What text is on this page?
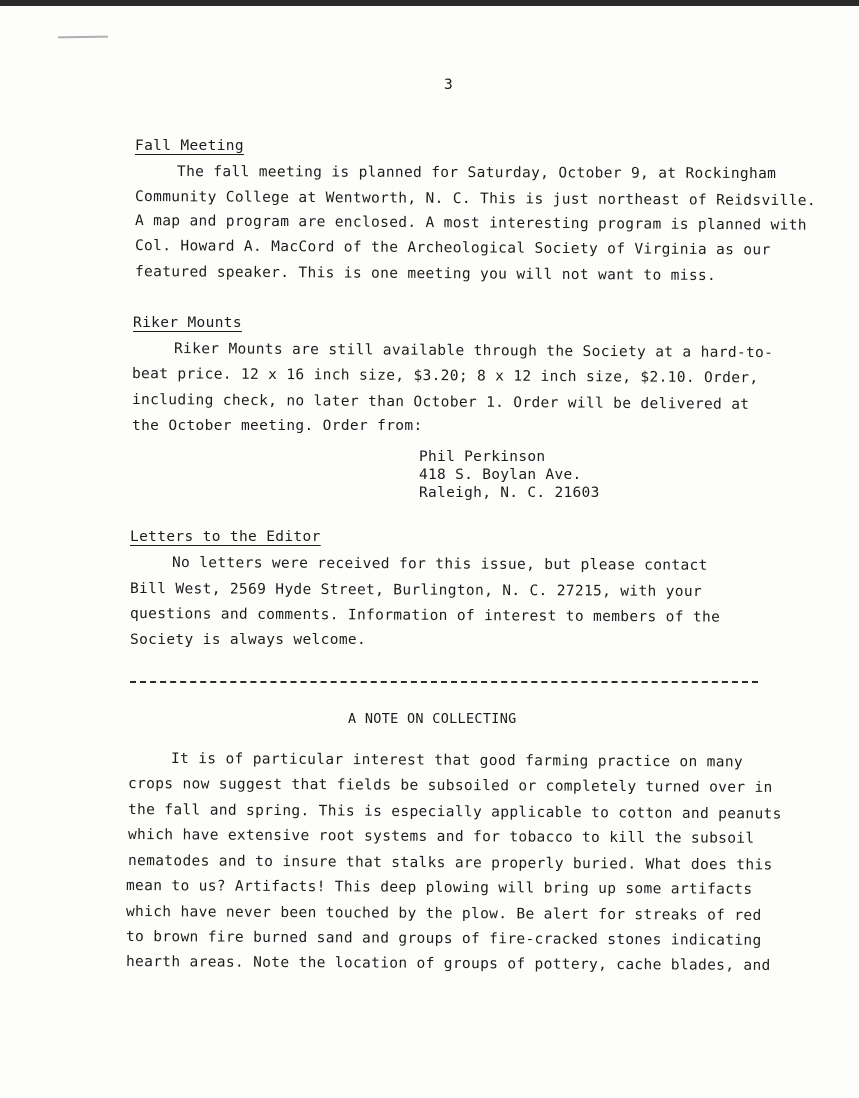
3
Fall Meeting
The fall meeting is planned for Saturday, October 9, at Rockingham
Community College at Wentworth, N. C. This is just northeast of Reidsville.
A map and program are enclosed. A most interesting program is planned with
Col. Howard A. MacCord of the Archeological Society of Virginia as our
featured speaker. This is one meeting you will not want to miss.
Riker Mounts
Riker Mounts are still available through the Society at a hard-to-
beat price. 12 x 16 inch size, $3.20; 8 x 12 inch size, $2.10. Order,
including check, no later than October 1. Order will be delivered at
the October meeting. Order from:
Phil Perkinson
418 S. Boylan Ave.
Raleigh, N. C. 21603
Letters to the Editor
No letters were received for this issue, but please contact
Bill West, 2569 Hyde Street, Burlington, N. C. 27215, with your
questions and comments. Information of interest to members of the
Society is always welcome.
A NOTE ON COLLECTING
It is of particular interest that good farming practice on many
crops now suggest that fields be subsoiled or completely turned over in
the fall and spring. This is especially applicable to cotton and peanuts
which have extensive root systems and for tobacco to kill the subsoil
nematodes and to insure that stalks are properly buried. What does this
mean to us? Artifacts! This deep plowing will bring up some artifacts
which have never been touched by the plow. Be alert for streaks of red
to brown fire burned sand and groups of fire-cracked stones indicating
hearth areas. Note the location of groups of pottery, cache blades, and
